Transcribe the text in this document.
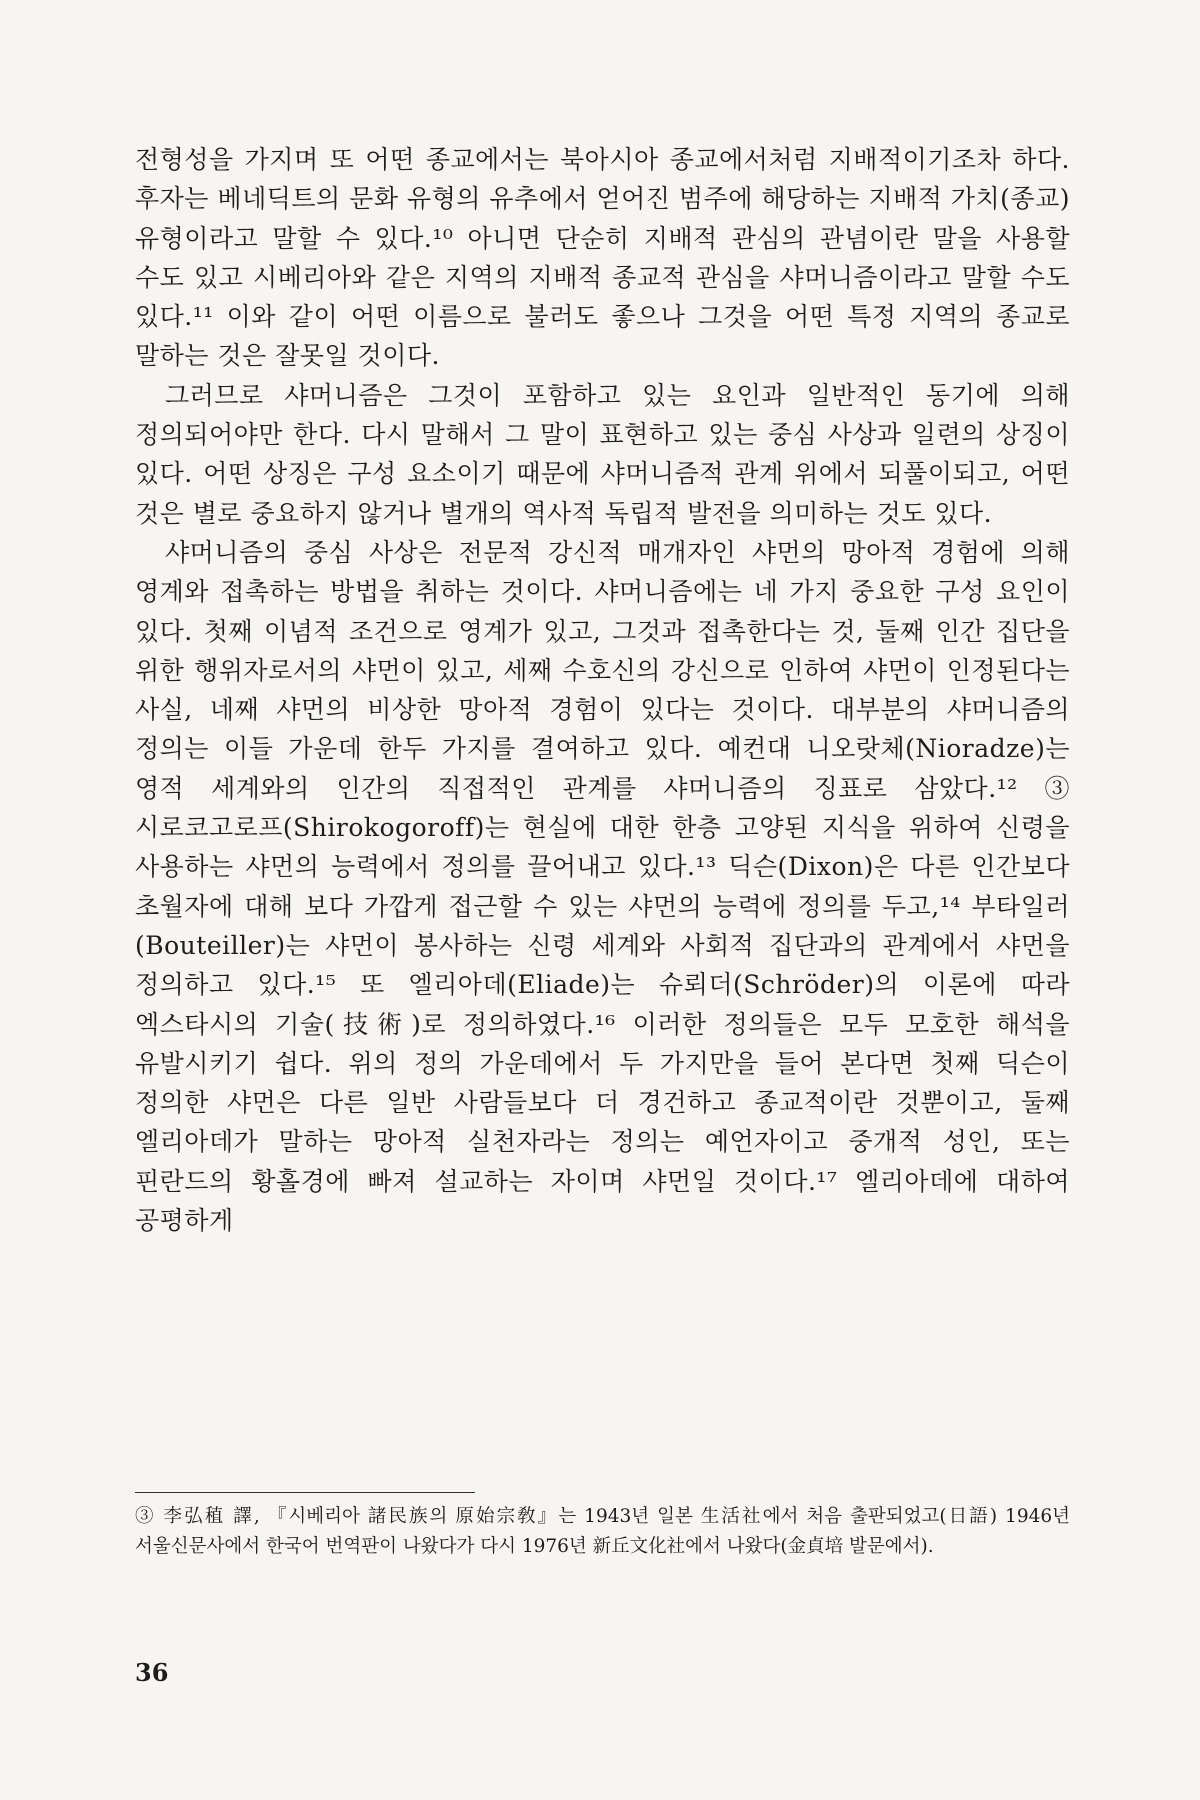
전형성을 가지며 또 어떤 종교에서는 북아시아 종교에서처럼 지배적이기조차 하다. 후자는 베네딕트의 문화 유형의 유추에서 얻어진 범주에 해당하는 지배적 가치(종교) 유형이라고 말할 수 있다.¹⁰ 아니면 단순히 지배적 관심의 관념이란 말을 사용할 수도 있고 시베리아와 같은 지역의 지배적 종교적 관심을 샤머니즘이라고 말할 수도 있다.¹¹ 이와 같이 어떤 이름으로 불러도 좋으나 그것을 어떤 특정 지역의 종교로 말하는 것은 잘못일 것이다.

그러므로 샤머니즘은 그것이 포함하고 있는 요인과 일반적인 동기에 의해 정의되어야만 한다. 다시 말해서 그 말이 표현하고 있는 중심 사상과 일련의 상징이 있다. 어떤 상징은 구성 요소이기 때문에 샤머니즘적 관계 위에서 되풀이되고, 어떤 것은 별로 중요하지 않거나 별개의 역사적 독립적 발전을 의미하는 것도 있다.

샤머니즘의 중심 사상은 전문적 강신적 매개자인 샤먼의 망아적 경험에 의해 영계와 접촉하는 방법을 취하는 것이다. 샤머니즘에는 네 가지 중요한 구성 요인이 있다. 첫째 이념적 조건으로 영계가 있고, 그것과 접촉한다는 것, 둘째 인간 집단을 위한 행위자로서의 샤먼이 있고, 세째 수호신의 강신으로 인하여 샤먼이 인정된다는 사실, 네째 샤먼의 비상한 망아적 경험이 있다는 것이다. 대부분의 샤머니즘의 정의는 이들 가운데 한두 가지를 결여하고 있다. 예컨대 니오랏체(Nioradze)는 영적 세계와의 인간의 직접적인 관계를 샤머니즘의 징표로 삼았다.¹² ③ 시로코고로프(Shirokogoroff)는 현실에 대한 한층 고양된 지식을 위하여 신령을 사용하는 샤먼의 능력에서 정의를 끌어내고 있다.¹³ 딕슨(Dixon)은 다른 인간보다 초월자에 대해 보다 가깝게 접근할 수 있는 샤먼의 능력에 정의를 두고,¹⁴ 부타일러(Bouteiller)는 샤먼이 봉사하는 신령 세계와 사회적 집단과의 관계에서 샤먼을 정의하고 있다.¹⁵ 또 엘리아데(Eliade)는 슈뢰더(Schröder)의 이론에 따라 엑스타시의 기술(技術)로 정의하였다.¹⁶ 이러한 정의들은 모두 모호한 해석을 유발시키기 쉽다. 위의 정의 가운데에서 두 가지만을 들어 본다면 첫째 딕슨이 정의한 샤먼은 다른 일반 사람들보다 더 경건하고 종교적이란 것뿐이고, 둘째 엘리아데가 말하는 망아적 실천자라는 정의는 예언자이고 중개적 성인, 또는 핀란드의 황홀경에 빠져 설교하는 자이며 샤먼일 것이다.¹⁷ 엘리아데에 대하여 공평하게

③ 李弘稙 譯, 『시베리아 諸民族의 原始宗敎』는 1943년 일본 生活社에서 처음 출판되었고(日語) 1946년 서울신문사에서 한국어 번역판이 나왔다가 다시 1976년 新丘文化社에서 나왔다(金貞培 발문에서).

36
